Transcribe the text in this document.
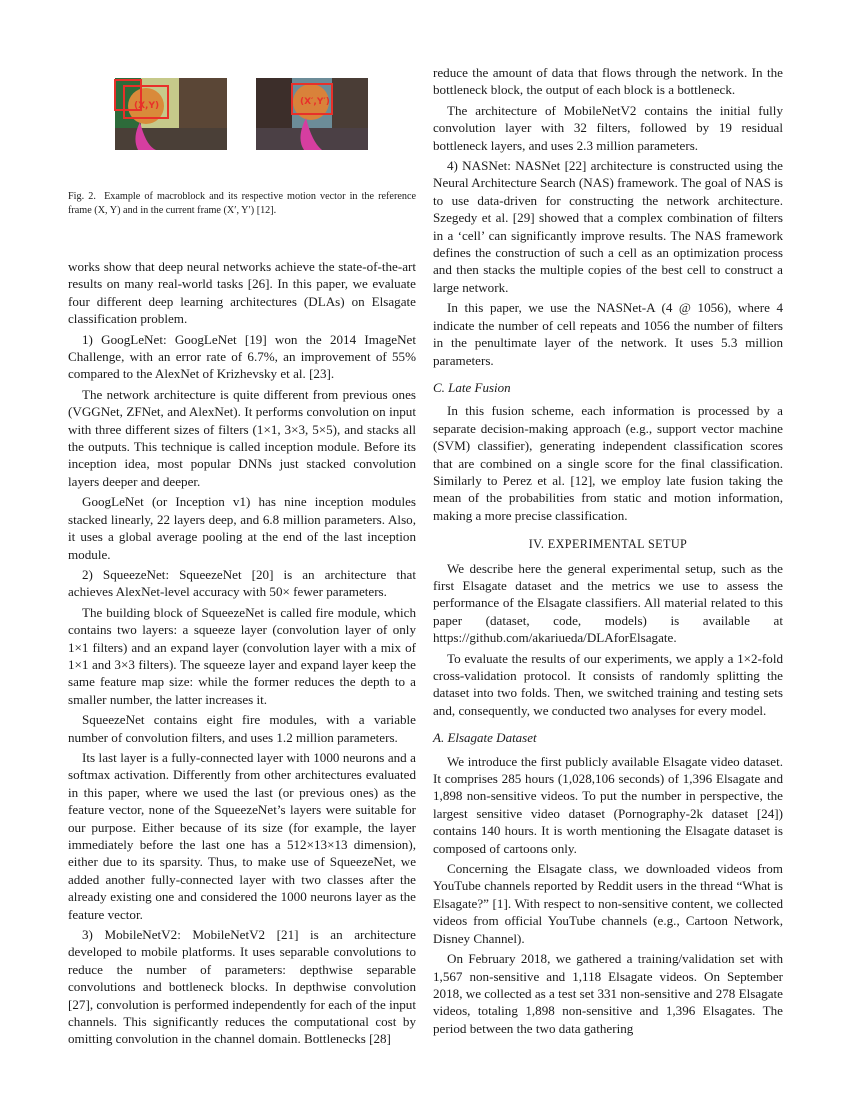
(X,Y)	(X′,Y′)

Fig. 2. Example of macroblock and its respective motion vector in the reference frame (X, Y) and in the current frame (X′, Y′) [12].

works show that deep neural networks achieve the state-of-the-art results on many real-world tasks [26]. In this paper, we evaluate four different deep learning architectures (DLAs) on Elsagate classification problem.

1) GoogLeNet: GoogLeNet [19] won the 2014 ImageNet Challenge, with an error rate of 6.7%, an improvement of 55% compared to the AlexNet of Krizhevsky et al. [23].

The network architecture is quite different from previous ones (VGGNet, ZFNet, and AlexNet). It performs convolution on input with three different sizes of filters (1×1, 3×3, 5×5), and stacks all the outputs. This technique is called inception module. Before its inception idea, most popular DNNs just stacked convolution layers deeper and deeper.

GoogLeNet (or Inception v1) has nine inception modules stacked linearly, 22 layers deep, and 6.8 million parameters. Also, it uses a global average pooling at the end of the last inception module.

2) SqueezeNet: SqueezeNet [20] is an architecture that achieves AlexNet-level accuracy with 50× fewer parameters.

The building block of SqueezeNet is called fire module, which contains two layers: a squeeze layer (convolution layer of only 1×1 filters) and an expand layer (convolution layer with a mix of 1×1 and 3×3 filters). The squeeze layer and expand layer keep the same feature map size: while the former reduces the depth to a smaller number, the latter increases it.

SqueezeNet contains eight fire modules, with a variable number of convolution filters, and uses 1.2 million parameters.

Its last layer is a fully-connected layer with 1000 neurons and a softmax activation. Differently from other architectures evaluated in this paper, where we used the last (or previous ones) as the feature vector, none of the SqueezeNet’s layers were suitable for our purpose. Either because of its size (for example, the layer immediately before the last one has a 512×13×13 dimension), either due to its sparsity. Thus, to make use of SqueezeNet, we added another fully-connected layer with two classes after the already existing one and considered the 1000 neurons layer as the feature vector.

3) MobileNetV2: MobileNetV2 [21] is an architecture developed to mobile platforms. It uses separable convolutions to reduce the number of parameters: depthwise separable convolutions and bottleneck blocks. In depthwise convolution [27], convolution is performed independently for each of the input channels. This significantly reduces the computational cost by omitting convolution in the channel domain. Bottlenecks [28]

reduce the amount of data that flows through the network. In the bottleneck block, the output of each block is a bottleneck.

The architecture of MobileNetV2 contains the initial fully convolution layer with 32 filters, followed by 19 residual bottleneck layers, and uses 2.3 million parameters.

4) NASNet: NASNet [22] architecture is constructed using the Neural Architecture Search (NAS) framework. The goal of NAS is to use data-driven for constructing the network architecture. Szegedy et al. [29] showed that a complex combination of filters in a ‘cell’ can significantly improve results. The NAS framework defines the construction of such a cell as an optimization process and then stacks the multiple copies of the best cell to construct a large network.

In this paper, we use the NASNet-A (4 @ 1056), where 4 indicate the number of cell repeats and 1056 the number of filters in the penultimate layer of the network. It uses 5.3 million parameters.

C. Late Fusion

In this fusion scheme, each information is processed by a separate decision-making approach (e.g., support vector machine (SVM) classifier), generating independent classification scores that are combined on a single score for the final classification. Similarly to Perez et al. [12], we employ late fusion taking the mean of the probabilities from static and motion information, making a more precise classification.

IV. EXPERIMENTAL SETUP

We describe here the general experimental setup, such as the first Elsagate dataset and the metrics we use to assess the performance of the Elsagate classifiers. All material related to this paper (dataset, code, models) is available at https://github.com/akariueda/DLAforElsagate.

To evaluate the results of our experiments, we apply a 1×2-fold cross-validation protocol. It consists of randomly splitting the dataset into two folds. Then, we switched training and testing sets and, consequently, we conducted two analyses for every model.

A. Elsagate Dataset

We introduce the first publicly available Elsagate video dataset. It comprises 285 hours (1,028,106 seconds) of 1,396 Elsagate and 1,898 non-sensitive videos. To put the number in perspective, the largest sensitive video dataset (Pornography-2k dataset [24]) contains 140 hours. It is worth mentioning the Elsagate dataset is composed of cartoons only.

Concerning the Elsagate class, we downloaded videos from YouTube channels reported by Reddit users in the thread “What is Elsagate?” [1]. With respect to non-sensitive content, we collected videos from official YouTube channels (e.g., Cartoon Network, Disney Channel).

On February 2018, we gathered a training/validation set with 1,567 non-sensitive and 1,118 Elsagate videos. On September 2018, we collected as a test set 331 non-sensitive and 278 Elsagate videos, totaling 1,898 non-sensitive and 1,396 Elsagates. The period between the two data gathering
